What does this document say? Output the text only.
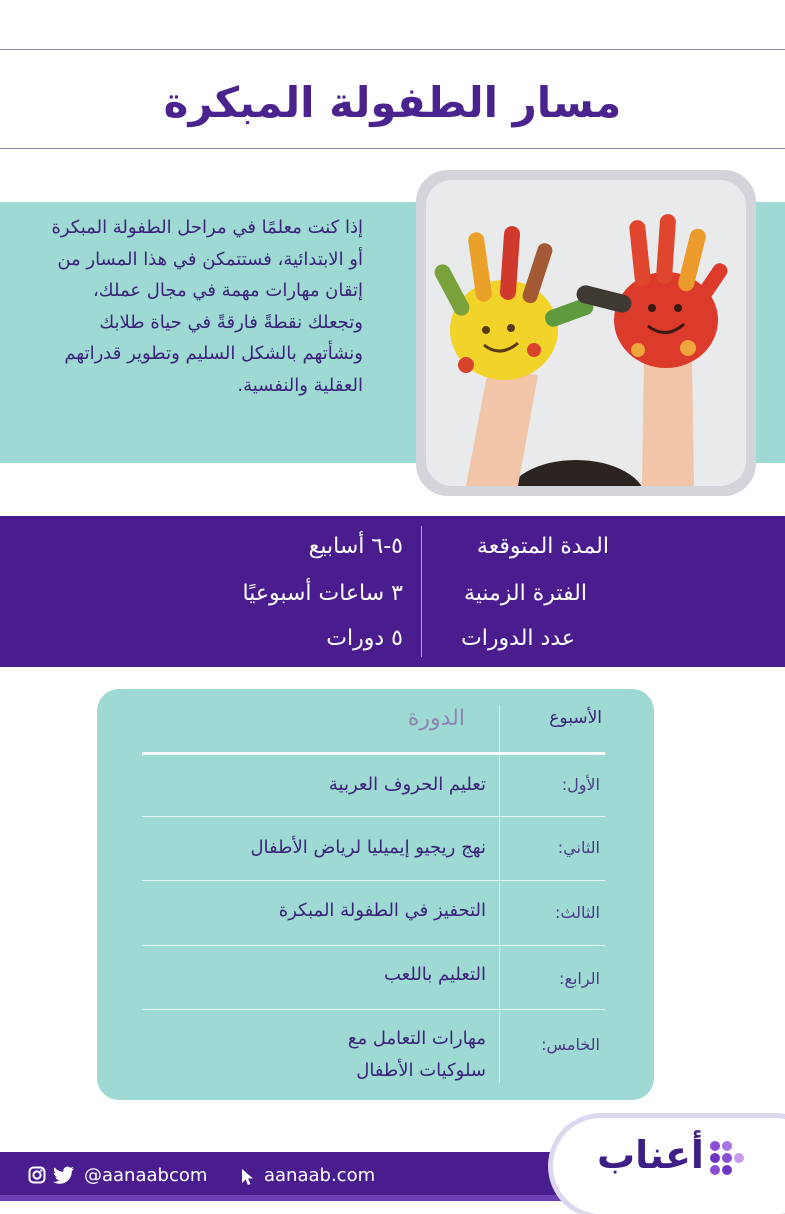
مسار الطفولة المبكرة
إذا كنت معلمًا في مراحل الطفولة المبكرة أو الابتدائية، فستتمكن في هذا المسار من إتقان مهارات مهمة في مجال عملك، وتجعلك نقطةً فارقةً في حياة طلابك ونشأتهم بالشكل السليم وتطوير قدراتهم العقلية والنفسية.
المدة المتوقعة
٥-٦ أسابيع
الفترة الزمنية
٣ ساعات أسبوعيًا
عدد الدورات
٥ دورات
الأسبوع
الدورة
الأول:
تعليم الحروف العربية
الثاني:
نهج ريجيو إيميليا لرياض الأطفال
الثالث:
التحفيز في الطفولة المبكرة
الرابع:
التعليم باللعب
الخامس:
مهارات التعامل مع
سلوكيات الأطفال
@aanaabcom	aanaab.com	أعناب
